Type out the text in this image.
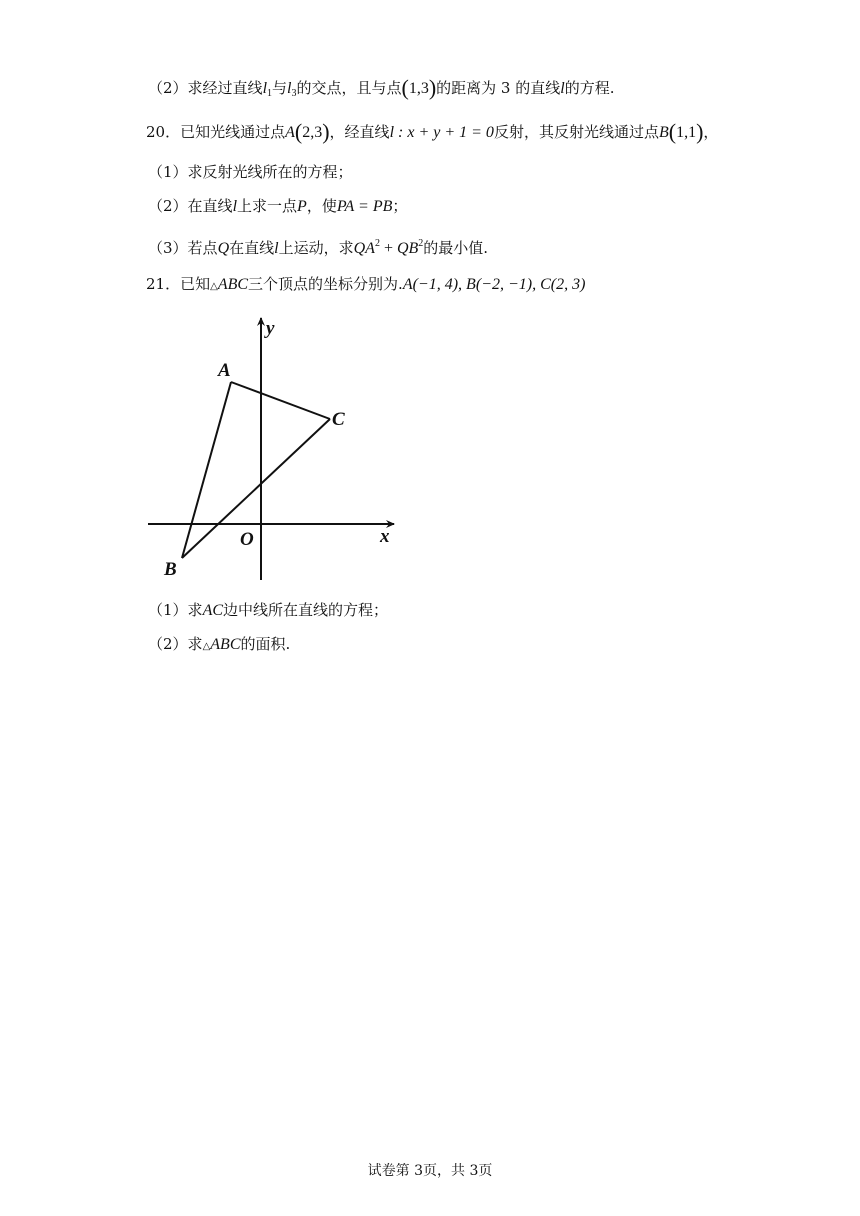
（2）求经过直线$l_1$与$l_3$的交点，且与点(1,3)的距离为 3 的直线l的方程.
20．已知光线通过点A(2,3)，经直线l : x + y + 1 = 0反射，其反射光线通过点B(1,1)，
（1）求反射光线所在的方程；
（2）在直线l上求一点P，使PA = PB；
（3）若点Q在直线l上运动，求$QA^2 + QB^2$的最小值.
21．已知△ABC三个顶点的坐标分别为.A(−1, 4), B(−2, −1), C(2, 3)
y
x
O
A
B
C
（1）求AC边中线所在直线的方程；
（2）求△ABC的面积.
试卷第 3页，共 3页
